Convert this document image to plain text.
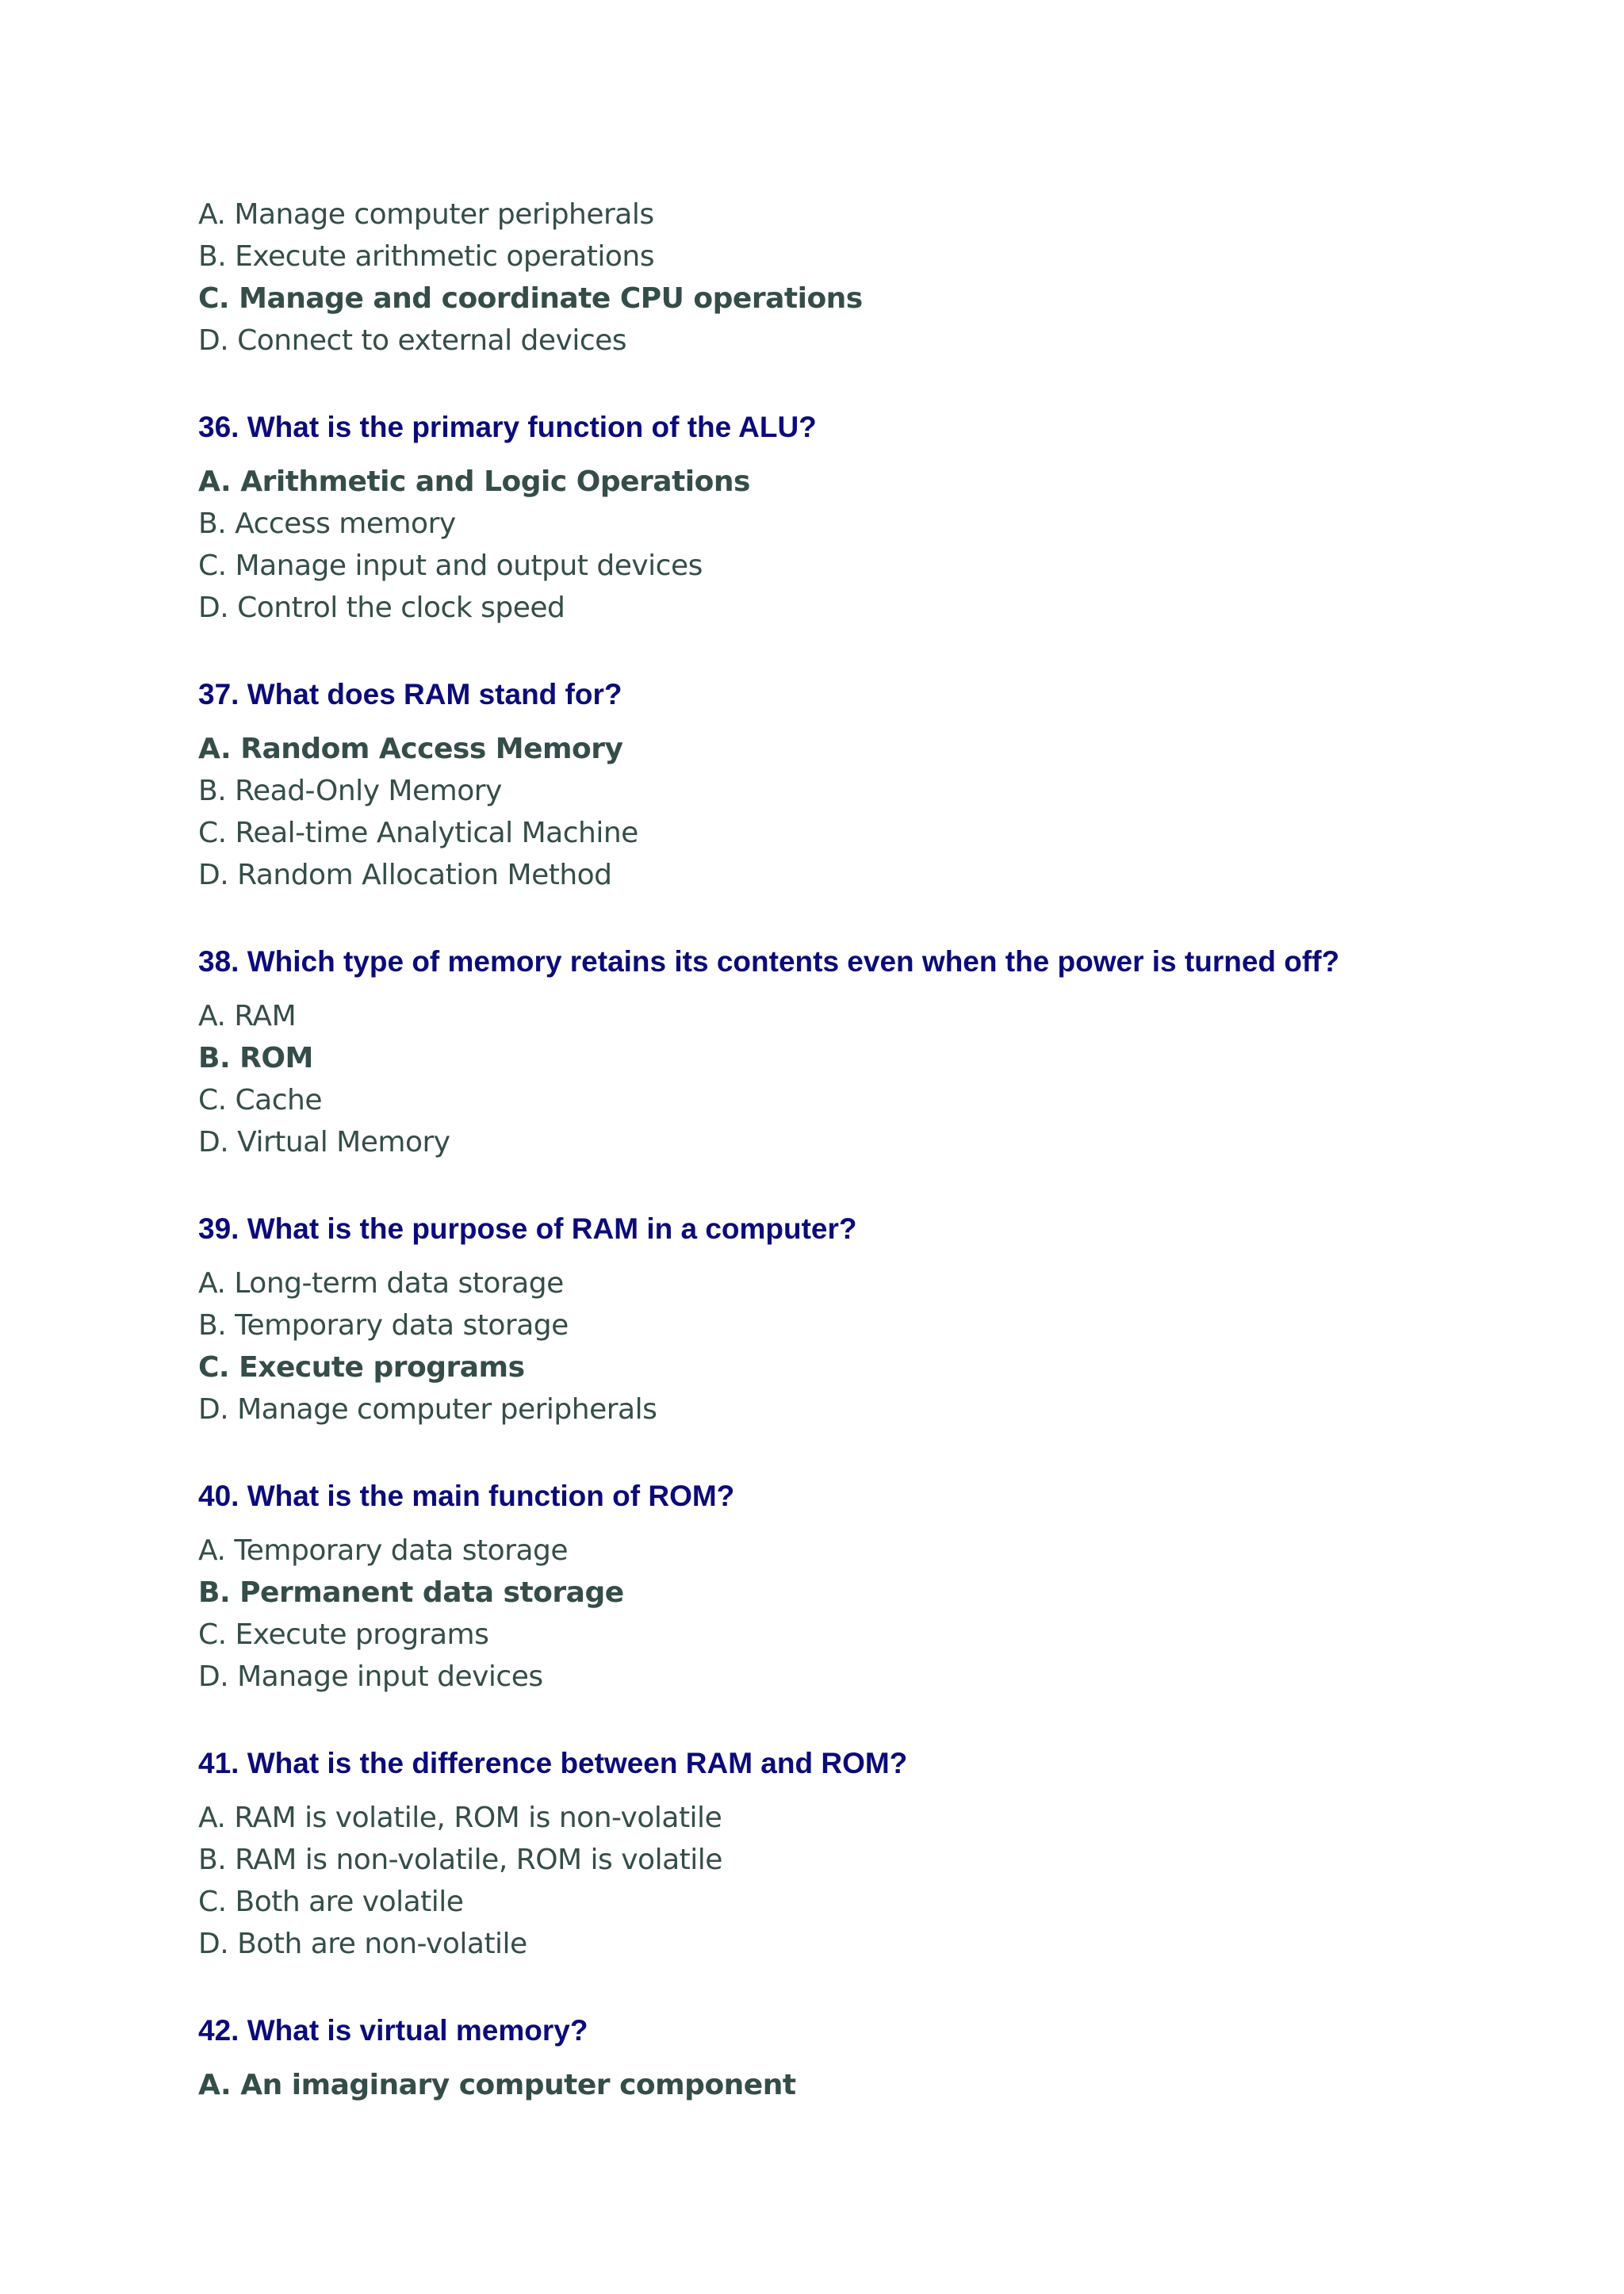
A. Manage computer peripherals
B. Execute arithmetic operations
C. Manage and coordinate CPU operations
D. Connect to external devices
36. What is the primary function of the ALU?
A. Arithmetic and Logic Operations
B. Access memory
C. Manage input and output devices
D. Control the clock speed
37. What does RAM stand for?
A. Random Access Memory
B. Read-Only Memory
C. Real-time Analytical Machine
D. Random Allocation Method
38. Which type of memory retains its contents even when the power is turned off?
A. RAM
B. ROM
C. Cache
D. Virtual Memory
39. What is the purpose of RAM in a computer?
A. Long-term data storage
B. Temporary data storage
C. Execute programs
D. Manage computer peripherals
40. What is the main function of ROM?
A. Temporary data storage
B. Permanent data storage
C. Execute programs
D. Manage input devices
41. What is the difference between RAM and ROM?
A. RAM is volatile, ROM is non-volatile
B. RAM is non-volatile, ROM is volatile
C. Both are volatile
D. Both are non-volatile
42. What is virtual memory?
A. An imaginary computer component
